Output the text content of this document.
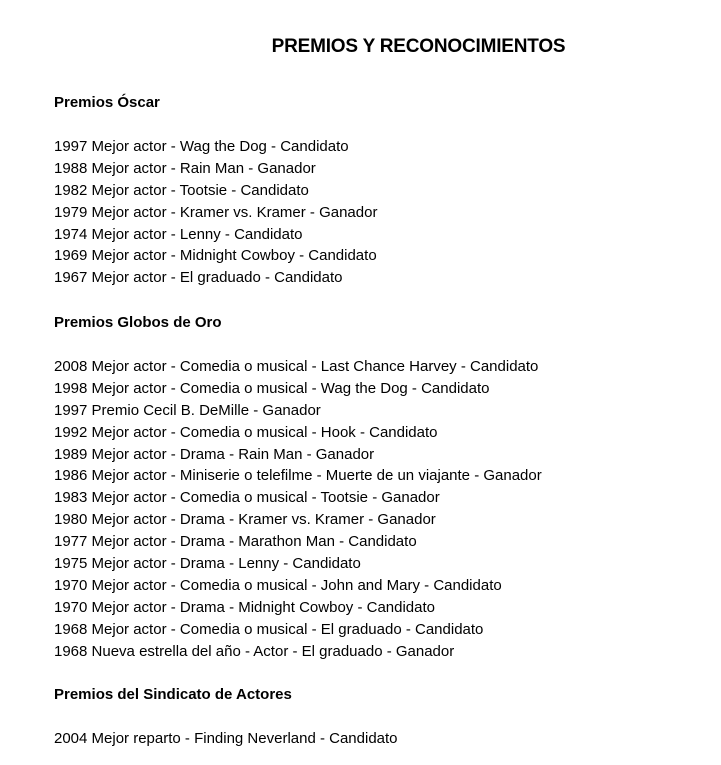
PREMIOS Y RECONOCIMIENTOS
Premios Óscar
1997 Mejor actor - Wag the Dog - Candidato
1988 Mejor actor - Rain Man - Ganador
1982 Mejor actor - Tootsie - Candidato
1979 Mejor actor - Kramer vs. Kramer - Ganador
1974 Mejor actor - Lenny - Candidato
1969 Mejor actor - Midnight Cowboy - Candidato
1967 Mejor actor - El graduado - Candidato
Premios Globos de Oro
2008 Mejor actor - Comedia o musical - Last Chance Harvey - Candidato
1998 Mejor actor - Comedia o musical - Wag the Dog - Candidato
1997 Premio Cecil B. DeMille - Ganador
1992 Mejor actor - Comedia o musical - Hook - Candidato
1989 Mejor actor - Drama - Rain Man - Ganador
1986 Mejor actor - Miniserie o telefilme - Muerte de un viajante - Ganador
1983 Mejor actor - Comedia o musical - Tootsie - Ganador
1980 Mejor actor - Drama - Kramer vs. Kramer - Ganador
1977 Mejor actor - Drama - Marathon Man - Candidato
1975 Mejor actor - Drama - Lenny - Candidato
1970 Mejor actor - Comedia o musical - John and Mary - Candidato
1970 Mejor actor - Drama - Midnight Cowboy - Candidato
1968 Mejor actor - Comedia o musical - El graduado - Candidato
1968 Nueva estrella del año - Actor - El graduado - Ganador
Premios del Sindicato de Actores
2004 Mejor reparto - Finding Neverland - Candidato
